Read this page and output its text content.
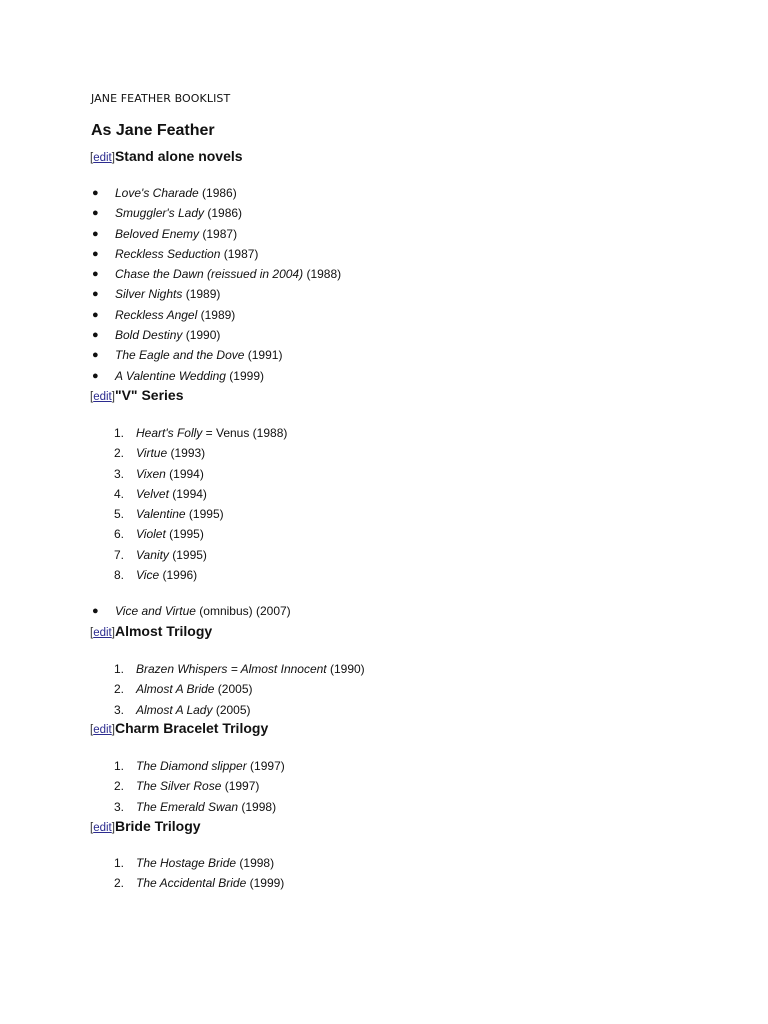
JANE FEATHER BOOKLIST
As Jane Feather
[edit]Stand alone novels
● Love's Charade (1986)
● Smuggler's Lady (1986)
● Beloved Enemy (1987)
● Reckless Seduction (1987)
● Chase the Dawn (reissued in 2004) (1988)
● Silver Nights (1989)
● Reckless Angel (1989)
● Bold Destiny (1990)
● The Eagle and the Dove (1991)
● A Valentine Wedding (1999)
[edit]"V" Series
1. Heart's Folly = Venus (1988)
2. Virtue (1993)
3. Vixen (1994)
4. Velvet (1994)
5. Valentine (1995)
6. Violet (1995)
7. Vanity (1995)
8. Vice (1996)
● Vice and Virtue (omnibus) (2007)
[edit]Almost Trilogy
1. Brazen Whispers = Almost Innocent (1990)
2. Almost A Bride (2005)
3. Almost A Lady (2005)
[edit]Charm Bracelet Trilogy
1. The Diamond slipper (1997)
2. The Silver Rose (1997)
3. The Emerald Swan (1998)
[edit]Bride Trilogy
1. The Hostage Bride (1998)
2. The Accidental Bride (1999)
